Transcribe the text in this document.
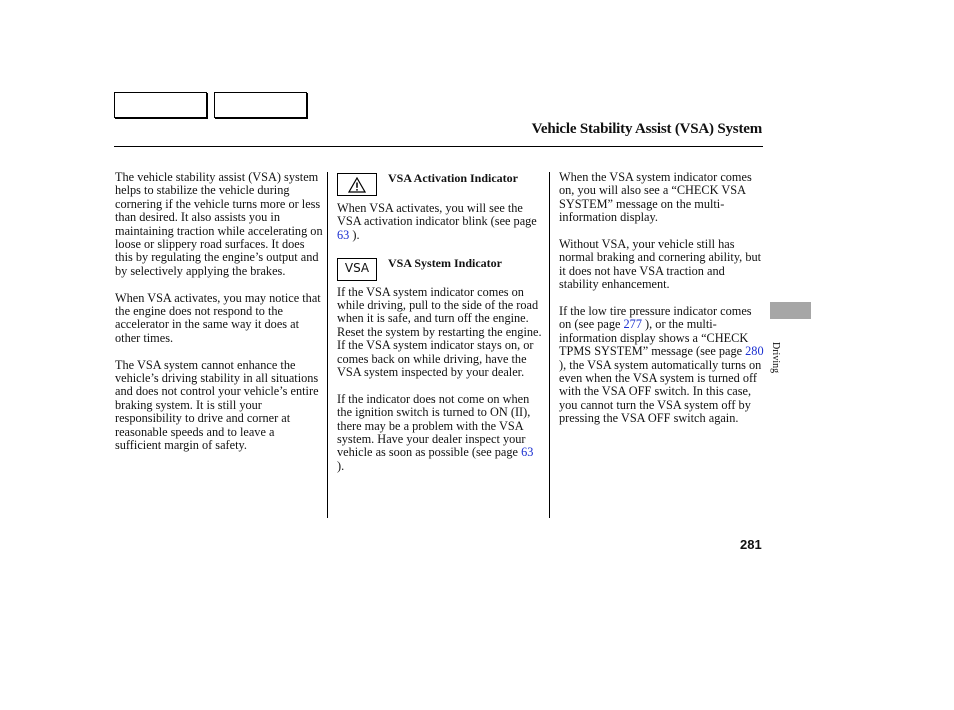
Vehicle Stability Assist (VSA) System

The vehicle stability assist (VSA) system helps to stabilize the vehicle during cornering if the vehicle turns more or less than desired. It also assists you in maintaining traction while accelerating on loose or slippery road surfaces. It does this by regulating the engine’s output and by selectively applying the brakes.

When VSA activates, you may notice that the engine does not respond to the accelerator in the same way it does at other times.

The VSA system cannot enhance the vehicle’s driving stability in all situations and does not control your vehicle’s entire braking system. It is still your responsibility to drive and corner at reasonable speeds and to leave a sufficient margin of safety.

VSA Activation Indicator

When VSA activates, you will see the VSA activation indicator blink (see page 63 ).

VSA	VSA System Indicator

If the VSA system indicator comes on while driving, pull to the side of the road when it is safe, and turn off the engine. Reset the system by restarting the engine. If the VSA system indicator stays on, or comes back on while driving, have the VSA system inspected by your dealer.

If the indicator does not come on when the ignition switch is turned to ON (II), there may be a problem with the VSA system. Have your dealer inspect your vehicle as soon as possible (see page 63 ).

When the VSA system indicator comes on, you will also see a “CHECK VSA SYSTEM” message on the multi-information display.

Without VSA, your vehicle still has normal braking and cornering ability, but it does not have VSA traction and stability enhancement.

If the low tire pressure indicator comes on (see page 277 ), or the multi-information display shows a “CHECK TPMS SYSTEM” message (see page 280 ), the VSA system automatically turns on even when the VSA system is turned off with the VSA OFF switch. In this case, you cannot turn the VSA system off by pressing the VSA OFF switch again.

Driving
281
